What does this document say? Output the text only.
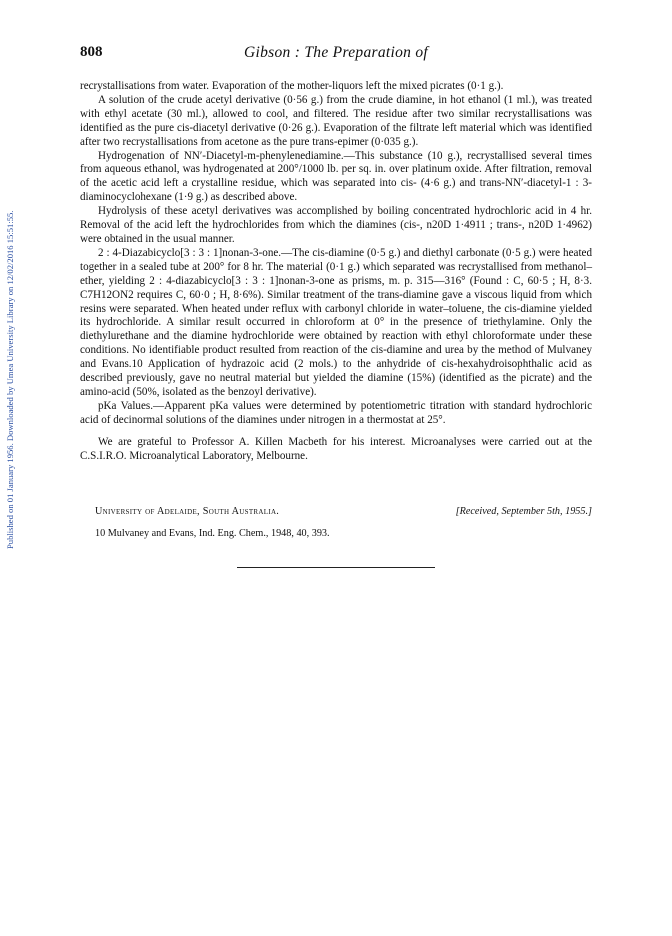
Published on 01 January 1956. Downloaded by Umea University Library on 12/02/2016 15:51:55.
808	Gibson : The Preparation of

recrystallisations from water. Evaporation of the mother-liquors left the mixed picrates (0·1 g.).

A solution of the crude acetyl derivative (0·56 g.) from the crude diamine, in hot ethanol (1 ml.), was treated with ethyl acetate (30 ml.), allowed to cool, and filtered. The residue after two similar recrystallisations was identified as the pure cis-diacetyl derivative (0·26 g.). Evaporation of the filtrate left material which was identified after two recrystallisations from acetone as the pure trans-epimer (0·035 g.).

Hydrogenation of NN′-Diacetyl-m-phenylenediamine.—This substance (10 g.), recrystallised several times from aqueous ethanol, was hydrogenated at 200°/1000 lb. per sq. in. over platinum oxide. After filtration, removal of the acetic acid left a crystalline residue, which was separated into cis- (4·6 g.) and trans-NN′-diacetyl-1 : 3-diaminocyclohexane (1·9 g.) as described above.

Hydrolysis of these acetyl derivatives was accomplished by boiling concentrated hydrochloric acid in 4 hr. Removal of the acid left the hydrochlorides from which the diamines (cis-, n20D 1·4911 ; trans-, n20D 1·4962) were obtained in the usual manner.

2 : 4-Diazabicyclo[3 : 3 : 1]nonan-3-one.—The cis-diamine (0·5 g.) and diethyl carbonate (0·5 g.) were heated together in a sealed tube at 200° for 8 hr. The material (0·1 g.) which separated was recrystallised from methanol–ether, yielding 2 : 4-diazabicyclo[3 : 3 : 1]nonan-3-one as prisms, m. p. 315—316° (Found : C, 60·5 ; H, 8·3. C7H12ON2 requires C, 60·0 ; H, 8·6%). Similar treatment of the trans-diamine gave a viscous liquid from which resins were separated. When heated under reflux with carbonyl chloride in water–toluene, the cis-diamine yielded its hydrochloride. A similar result occurred in chloroform at 0° in the presence of triethylamine. Only the diethylurethane and the diamine hydrochloride were obtained by reaction with ethyl chloroformate under these conditions. No identifiable product resulted from reaction of the cis-diamine and urea by the method of Mulvaney and Evans.10 Application of hydrazoic acid (2 mols.) to the anhydride of cis-hexahydroisophthalic acid as described previously, gave no neutral material but yielded the diamine (15%) (identified as the picrate) and the amino-acid (50%, isolated as the benzoyl derivative).

pKa Values.—Apparent pKa values were determined by potentiometric titration with standard hydrochloric acid of decinormal solutions of the diamines under nitrogen in a thermostat at 25°.

We are grateful to Professor A. Killen Macbeth for his interest. Microanalyses were carried out at the C.S.I.R.O. Microanalytical Laboratory, Melbourne.

University of Adelaide, South Australia.	[Received, September 5th, 1955.]
10 Mulvaney and Evans, Ind. Eng. Chem., 1948, 40, 393.
